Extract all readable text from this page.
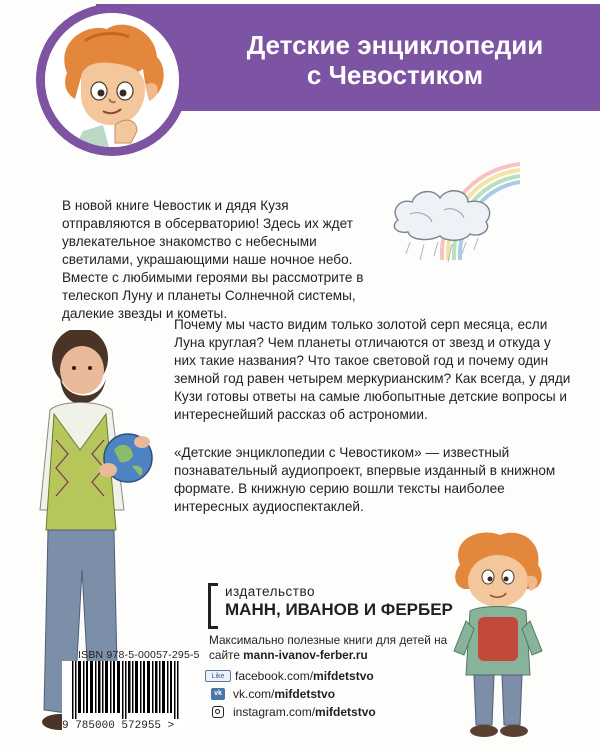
Детские энциклопедии
с Чевостиком

В новой книге Чевостик и дядя Кузя отправляются в обсерваторию! Здесь их ждет увлекательное знакомство с небесными светилами, украшающими наше ночное небо. Вместе с любимыми героями вы рассмотрите в телескоп Луну и планеты Солнечной системы, далекие звезды и кометы.

Почему мы часто видим только золотой серп месяца, если Луна круглая? Чем планеты отличаются от звезд и откуда у них такие названия? Что такое световой год и почему один земной год равен четырем меркурианским? Как всегда, у дяди Кузи готовы ответы на самые любопытные детские вопросы и интереснейший рассказ об астрономии.

«Детские энциклопедии с Чевостиком» — известный познавательный аудиопроект, впервые изданный в книжном формате. В книжную серию вошли тексты наиболее интересных аудиоспектаклей.

издательство
МАНН, ИВАНОВ И ФЕРБЕР
Максимально полезные книги для детей на сайте mann-ivanov-ferber.ru
Like facebook.com/mifdetstvo
vk vk.com/mifdetstvo
instagram.com/mifdetstvo
ISBN 978-5-00057-295-5
9 785000 572955 >
